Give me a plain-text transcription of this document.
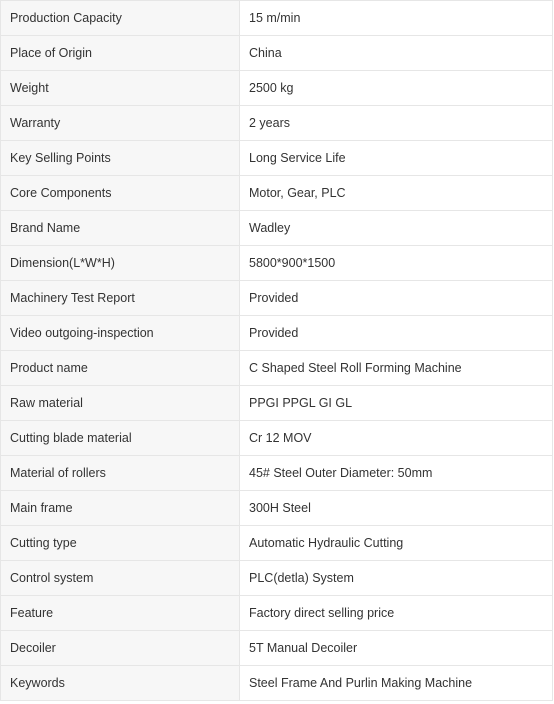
Production Capacity	15 m/min
Place of Origin	China
Weight	2500 kg
Warranty	2 years
Key Selling Points	Long Service Life
Core Components	Motor, Gear, PLC
Brand Name	Wadley
Dimension(L*W*H)	5800*900*1500
Machinery Test Report	Provided
Video outgoing-inspection	Provided
Product name	C Shaped Steel Roll Forming Machine
Raw material	PPGI PPGL GI GL
Cutting blade material	Cr 12 MOV
Material of rollers	45# Steel Outer Diameter: 50mm
Main frame	300H Steel
Cutting type	Automatic Hydraulic Cutting
Control system	PLC(detla) System
Feature	Factory direct selling price
Decoiler	5T Manual Decoiler
Keywords	Steel Frame And Purlin Making Machine
